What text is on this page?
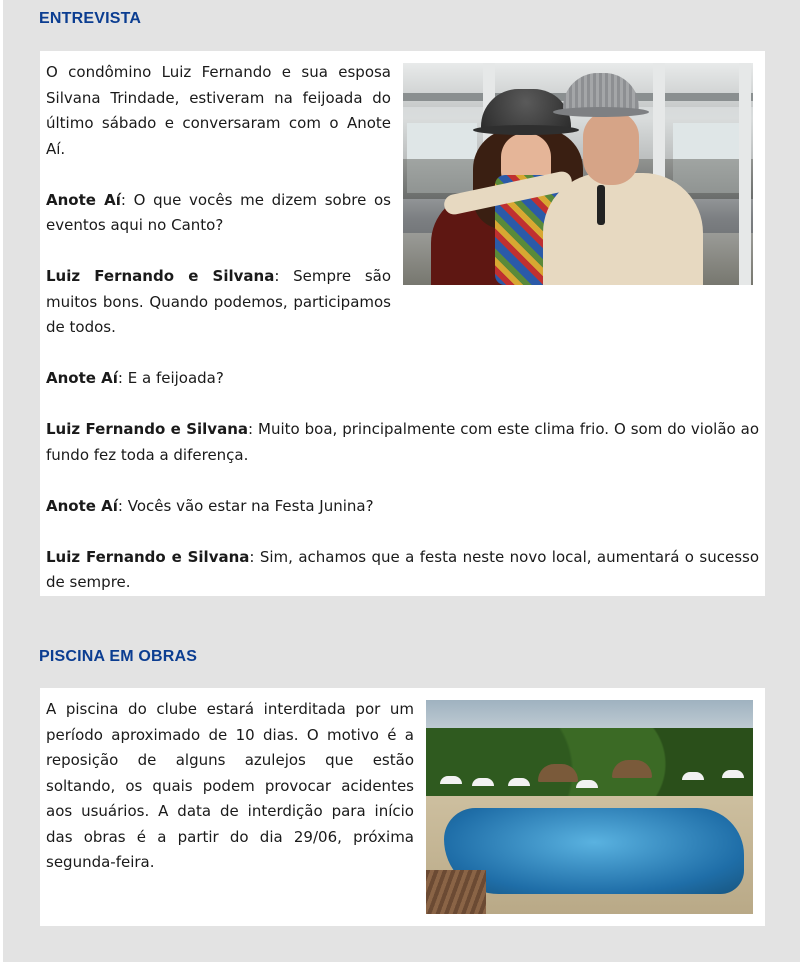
ENTREVISTA

O condômino Luiz Fernando e sua esposa Silvana Trindade, estiveram na feijoada do último sábado e conversaram com o Anote Aí.

Anote Aí: O que vocês me dizem sobre os eventos aqui no Canto?

Luiz Fernando e Silvana: Sempre são muitos bons. Quando podemos, participamos de todos.

Anote Aí: E a feijoada?

Luiz Fernando e Silvana: Muito boa, principalmente com este clima frio. O som do violão ao fundo fez toda a diferença.

Anote Aí: Vocês vão estar na Festa Junina?

Luiz Fernando e Silvana: Sim, achamos que a festa neste novo local, aumentará o sucesso de sempre.

PISCINA EM OBRAS

A piscina do clube estará interditada por um período aproximado de 10 dias. O motivo é a reposição de alguns azulejos que estão soltando, os quais podem provocar acidentes aos usuários. A data de interdição para início das obras é a partir do dia 29/06, próxima segunda-feira.
